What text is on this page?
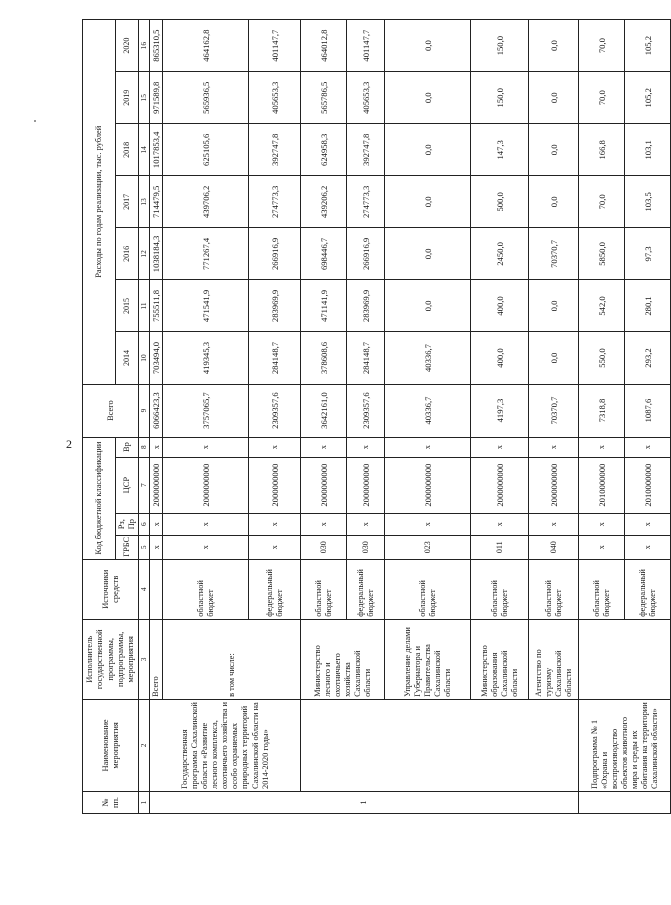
2
№ пп.	Наименование мероприятия	Исполнитель государственной программы, подпрограммы, мероприятия	Источники средств	Код бюджетной классификации				Всего	Расходы по годам реализации, тыс. рублей						
				ГРБС	Рз, Пр	ЦСР	Вр		2014	2015	2016	2017	2018	2019	2020
1	2	3	4	5	6	7	8	9	10	11	12	13	14	15	16
1	Государственная программа Сахалинской области «Развитие лесного комплекса, охотничьего хозяйства и особо охраняемых природных территорий Сахалинской области на 2014-2020 годы»	Всего		х	х	2000000000	х	6066423,3	703494,0	755511,8	1038184,3	714479,5	1017853,4	971589,8	865310,5
		в том числе:	областной бюджет	х	х	2000000000	х	3757065,7	419345,3	471541,9	771267,4	439706,2	625105,6	565936,5	464162,8
			федеральный бюджет	х	х	2000000000	х	2309357,6	284148,7	283969,9	266916,9	274773,3	392747,8	405653,3	401147,7
		Министерство лесного и охотничьего хозяйства Сахалинской области	областной бюджет	030	х	2000000000	х	3642161,0	378608,6	471141,9	698446,7	439206,2	624958,3	565786,5	464012,8
			федеральный бюджет	030	х	2000000000	х	2309357,6	284148,7	283969,9	266916,9	274773,3	392747,8	405653,3	401147,7
		Управление делами Губернатора и Правительства Сахалинской области	областной бюджет	023	х	2000000000	х	40336,7	40336,7	0,0	0,0	0,0	0,0	0,0	0,0
		Министерство образования Сахалинской области	областной бюджет	011	х	2000000000	х	4197,3	400,0	400,0	2450,0	500,0	147,3	150,0	150,0
		Агентство по туризму Сахалинской области	областной бюджет	040	х	2000000000	х	70370,7	0,0	0,0	70370,7	0,0	0,0	0,0	0,0
	Подпрограмма № 1 «Охрана и воспроизводство объектов животного мира и среды их обитания на территории Сахалинской области»		областной бюджет	х	х	2010000000	х	7318,8	550,0	542,0	5850,0	70,0	166,8	70,0	70,0
			федеральный бюджет	х	х	2010000000	х	1087,6	293,2	280,1	97,3	103,5	103,1	105,2	105,2
